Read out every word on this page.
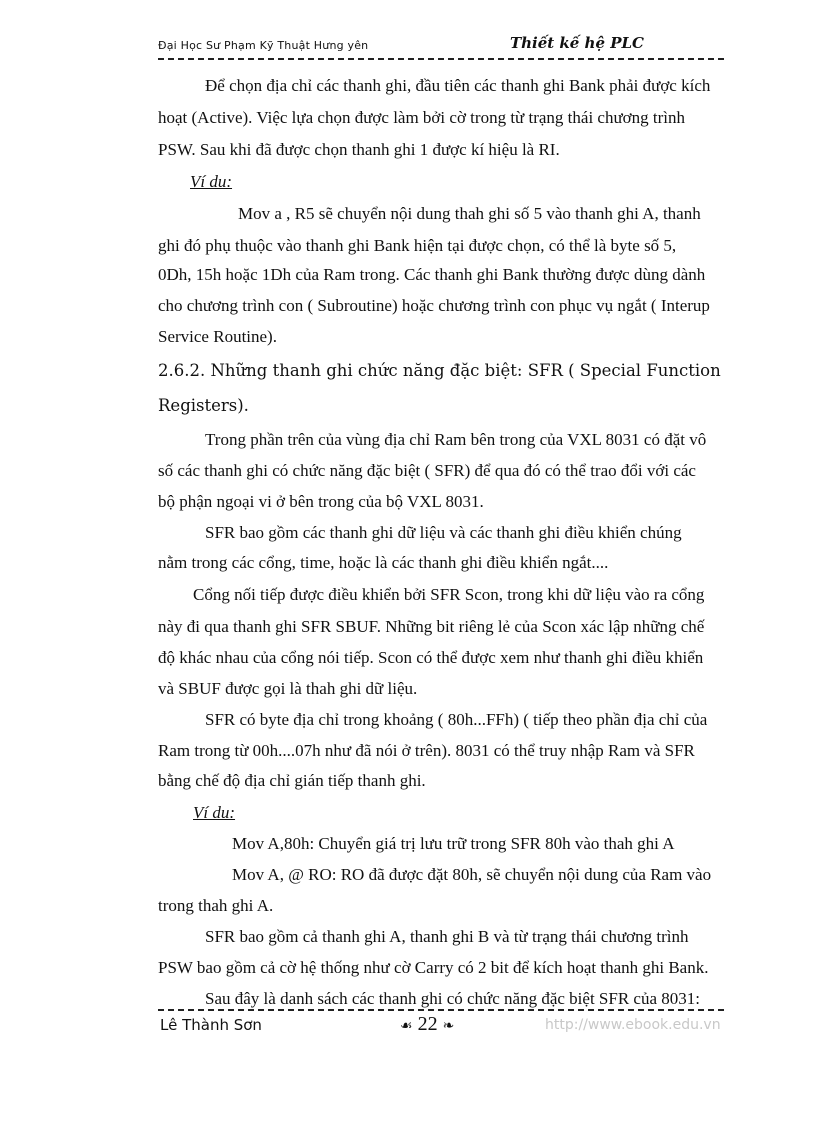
Đại Học Sư Phạm Kỹ Thuật Hưng yên	Thiết kế hệ PLC
Để chọn địa chỉ các thanh ghi, đầu tiên các thanh ghi Bank phải được kích
hoạt (Active). Việc lựa chọn được làm bởi cờ trong từ trạng thái chương trình
PSW. Sau khi đã được chọn thanh ghi 1 được kí hiệu là RI.
Ví du:
Mov a , R5 sẽ chuyển nội dung thah ghi số 5 vào thanh ghi A, thanh
ghi đó phụ thuộc vào thanh ghi Bank hiện tại được chọn, có thể là byte số 5,
0Dh, 15h hoặc 1Dh của Ram trong. Các thanh ghi Bank thường được dùng dành
cho chương trình con ( Subroutine) hoặc chương trình con phục vụ ngắt ( Interup
Service Routine).
2.6.2. Những thanh ghi chức năng đặc biệt: SFR ( Special Function
Registers).
Trong phần trên của vùng địa chỉ Ram bên trong của VXL 8031 có đặt vô
số các thanh ghi có chức năng đặc biệt ( SFR) để qua đó có thể trao đổi với các
bộ phận ngoại vi ở bên trong của bộ VXL 8031.
SFR bao gồm các thanh ghi dữ liệu và các thanh ghi điều khiển chúng
nằm trong các cổng, time, hoặc là các thanh ghi điều khiển ngắt....
Cổng nối tiếp được điều khiển bởi SFR Scon, trong khi dữ liệu vào ra cổng
này đi qua thanh ghi SFR SBUF. Những bit riêng lẻ của Scon xác lập những chế
độ khác nhau của cổng nói tiếp. Scon có thể được xem như thanh ghi điều khiển
và SBUF được gọi là thah ghi dữ liệu.
SFR có byte địa chỉ trong khoảng ( 80h...FFh) ( tiếp theo phần địa chỉ của
Ram trong từ 00h....07h như đã nói ở trên). 8031 có thể truy nhập Ram và SFR
bằng chế độ địa chỉ gián tiếp thanh ghi.
Ví du:
Mov A,80h: Chuyển giá trị lưu trữ trong SFR 80h vào thah ghi A
Mov A, @ RO: RO đã được đặt 80h, sẽ chuyển nội dung của Ram vào
trong thah ghi A.
SFR bao gồm cả thanh ghi A, thanh ghi B và từ trạng thái chương trình
PSW bao gồm cả cờ hệ thống như cờ Carry có 2 bit để kích hoạt thanh ghi Bank.
Sau đây là danh sách các thanh ghi có chức năng đặc biệt SFR của 8031:
Lê Thành Sơn	☙ 22 ❧	http://www.ebook.edu.vn
